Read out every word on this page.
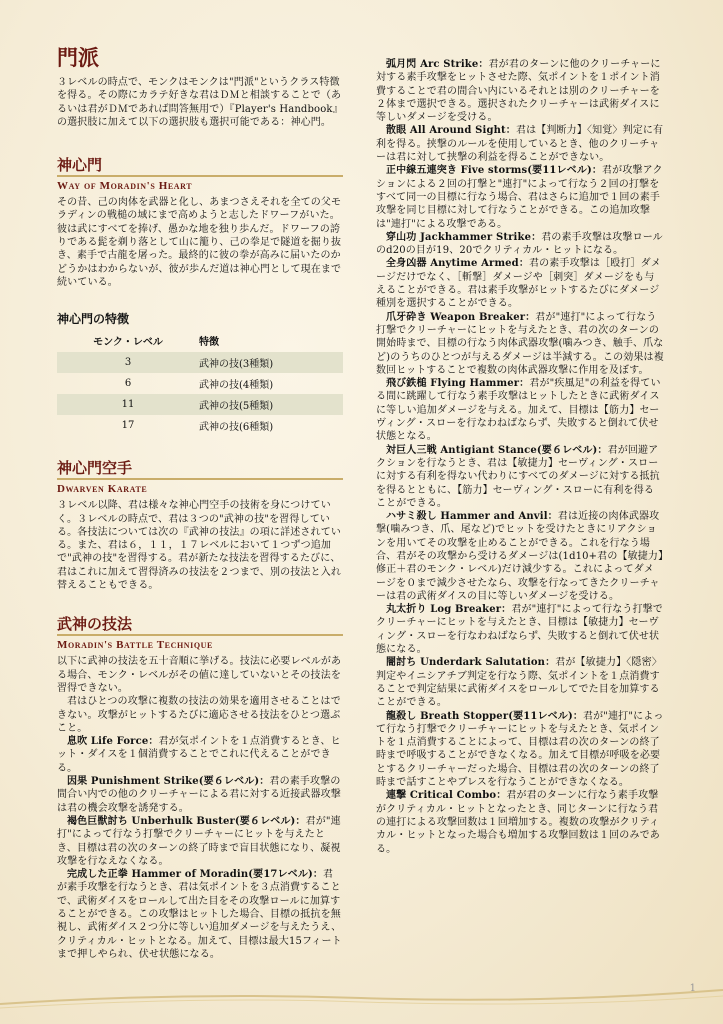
門派

３レベルの時点で、モンクはモンクは"門派"というクラス特徴を得る。その際にカラテ好きな君はＤＭと相談することで（あるいは君がＤＭであれば問答無用で）『Player's Handbook』の選択肢に加えて以下の選択肢も選択可能である：神心門。

神心門
Way of Moradin's Heart

その昔、己の肉体を武器と化し、あまつさえそれを全ての父モラディンの戦槌の域にまで高めようと志したドワーフがいた。彼は武にすべてを捧げ、愚かな地を独り歩んだ。ドワーフの誇りである髭を剃り落として山に籠り、己の拳足で隧道を掘り抜き、素手で古龍を屠った。最終的に彼の拳が高みに届いたのかどうかはわからないが、彼が歩んだ道は神心門として現在まで続いている。

神心門の特徴
モンク・レベル	特徴
3	武神の技(3種類)
6	武神の技(4種類)
11	武神の技(5種類)
17	武神の技(6種類)
神心門空手
Dwarven Karate

３レベル以降、君は様々な神心門空手の技術を身につけていく。３レベルの時点で、君は３つの"武神の技"を習得している。各技法については次の『武神の技法』の項に詳述されている。また、君は６，１１，１７レベルにおいて１つずつ追加で"武神の技"を習得する。君が新たな技法を習得するたびに、君はこれに加えて習得済みの技法を２つまで、別の技法と入れ替えることもできる。

武神の技法
Moradin's Battle Technique

以下に武神の技法を五十音順に挙げる。技法に必要レベルがある場合、モンク・レベルがその値に達していないとその技法を習得できない。

君はひとつの攻撃に複数の技法の効果を適用させることはできない。攻撃がヒットするたびに適応させる技法をひとつ選ぶこと。

息吹 Life Force：君が気ポイントを１点消費するとき、ヒット・ダイスを１個消費することでこれに代えることができる。

因果 Punishment Strike(要６レベル)：君の素手攻撃の間合い内での他のクリーチャーによる君に対する近接武器攻撃は君の機会攻撃を誘発する。

褐色巨獣討ち Unberhulk Buster(要６レベル)：君が"連打"によって行なう打撃でクリーチャーにヒットを与えたとき、目標は君の次のターンの終了時まで盲目状態になり、凝視攻撃を行なえなくなる。

完成した正拳 Hammer of Moradin(要17レベル)：君が素手攻撃を行なうとき、君は気ポイントを３点消費することで、武術ダイスをロールして出た目をその攻撃ロールに加算することができる。この攻撃はヒットした場合、目標の抵抗を無視し、武術ダイス２つ分に等しい追加ダメージを与えたうえ、クリティカル・ヒットとなる。加えて、目標は最大15フィートまで押しやられ、伏せ状態になる。

弧月閃 Arc Strike：君が君のターンに他のクリーチャーに対する素手攻撃をヒットさせた際、気ポイントを１ポイント消費することで君の間合い内にいるそれとは別のクリーチャーを２体まで選択できる。選択されたクリーチャーは武術ダイスに等しいダメージを受ける。

散眼 All Around Sight：君は【判断力】〈知覚〉判定に有利を得る。挟撃のルールを使用しているとき、他のクリーチャーは君に対して挟撃の利益を得ることができない。

正中線五連突き Five storms(要11レベル)：君が攻撃アクションによる２回の打撃と"連打"によって行なう２回の打撃をすべて同一の目標に行なう場合、君はさらに追加で１回の素手攻撃を同じ目標に対して行なうことができる。この追加攻撃は"連打"による攻撃である。

穿山功 Jackhammer Strike：君の素手攻撃は攻撃ロールのd20の目が19、20でクリティカル・ヒットになる。

全身凶器 Anytime Armed：君の素手攻撃は［殴打］ダメージだけでなく、［斬撃］ダメージや［刺突］ダメージをも与えることができる。君は素手攻撃がヒットするたびにダメージ種別を選択することができる。

爪牙砕き Weapon Breaker：君が"連打"によって行なう打撃でクリーチャーにヒットを与えたとき、君の次のターンの開始時まで、目標の行なう肉体武器攻撃(噛みつき、触手、爪など)のうちのひとつが与えるダメージは半減する。この効果は複数回ヒットすることで複数の肉体武器攻撃に作用を及ぼす。

飛び鉄槌 Flying Hammer：君が"疾風足"の利益を得ている間に跳躍して行なう素手攻撃はヒットしたときに武術ダイスに等しい追加ダメージを与える。加えて、目標は【筋力】セーヴィング・スローを行なわねばならず、失敗すると倒れて伏せ状態となる。

対巨人三戦 Antigiant Stance(要６レベル)：君が回避アクションを行なうとき、君は【敏捷力】セーヴィング・スローに対する有利を得ない代わりにすべてのダメージに対する抵抗を得るとともに、【筋力】セーヴィング・スローに有利を得ることができる。

ハサミ殺し Hammer and Anvil：君は近接の肉体武器攻撃(噛みつき、爪、尾など)でヒットを受けたときにリアクションを用いてその攻撃を止めることができる。これを行なう場合、君がその攻撃から受けるダメージは(1d10+君の【敏捷力】修正＋君のモンク・レベル)だけ減少する。これによってダメージを０まで減少させたなら、攻撃を行なってきたクリーチャーは君の武術ダイスの目に等しいダメージを受ける。

丸太折り Log Breaker：君が"連打"によって行なう打撃でクリーチャーにヒットを与えたとき、目標は【敏捷力】セーヴィング・スローを行なわねばならず、失敗すると倒れて伏せ状態になる。

闇討ち Underdark Salutation：君が【敏捷力】〈隠密〉判定やイニシアチブ判定を行なう際、気ポイントを１点消費することで判定結果に武術ダイスをロールしてでた目を加算することができる。

龍殺し Breath Stopper(要11レベル)：君が"連打"によって行なう打撃でクリーチャーにヒットを与えたとき、気ポイントを１点消費することによって、目標は君の次のターンの終了時まで呼吸することができなくなる。加えて目標が呼吸を必要とするクリーチャーだった場合、目標は君の次のターンの終了時まで話すことやブレスを行なうことができなくなる。

連撃 Critical Combo：君が君のターンに行なう素手攻撃がクリティカル・ヒットとなったとき、同じターンに行なう君の連打による攻撃回数は１回増加する。複数の攻撃がクリティカル・ヒットとなった場合も増加する攻撃回数は１回のみである。

1
